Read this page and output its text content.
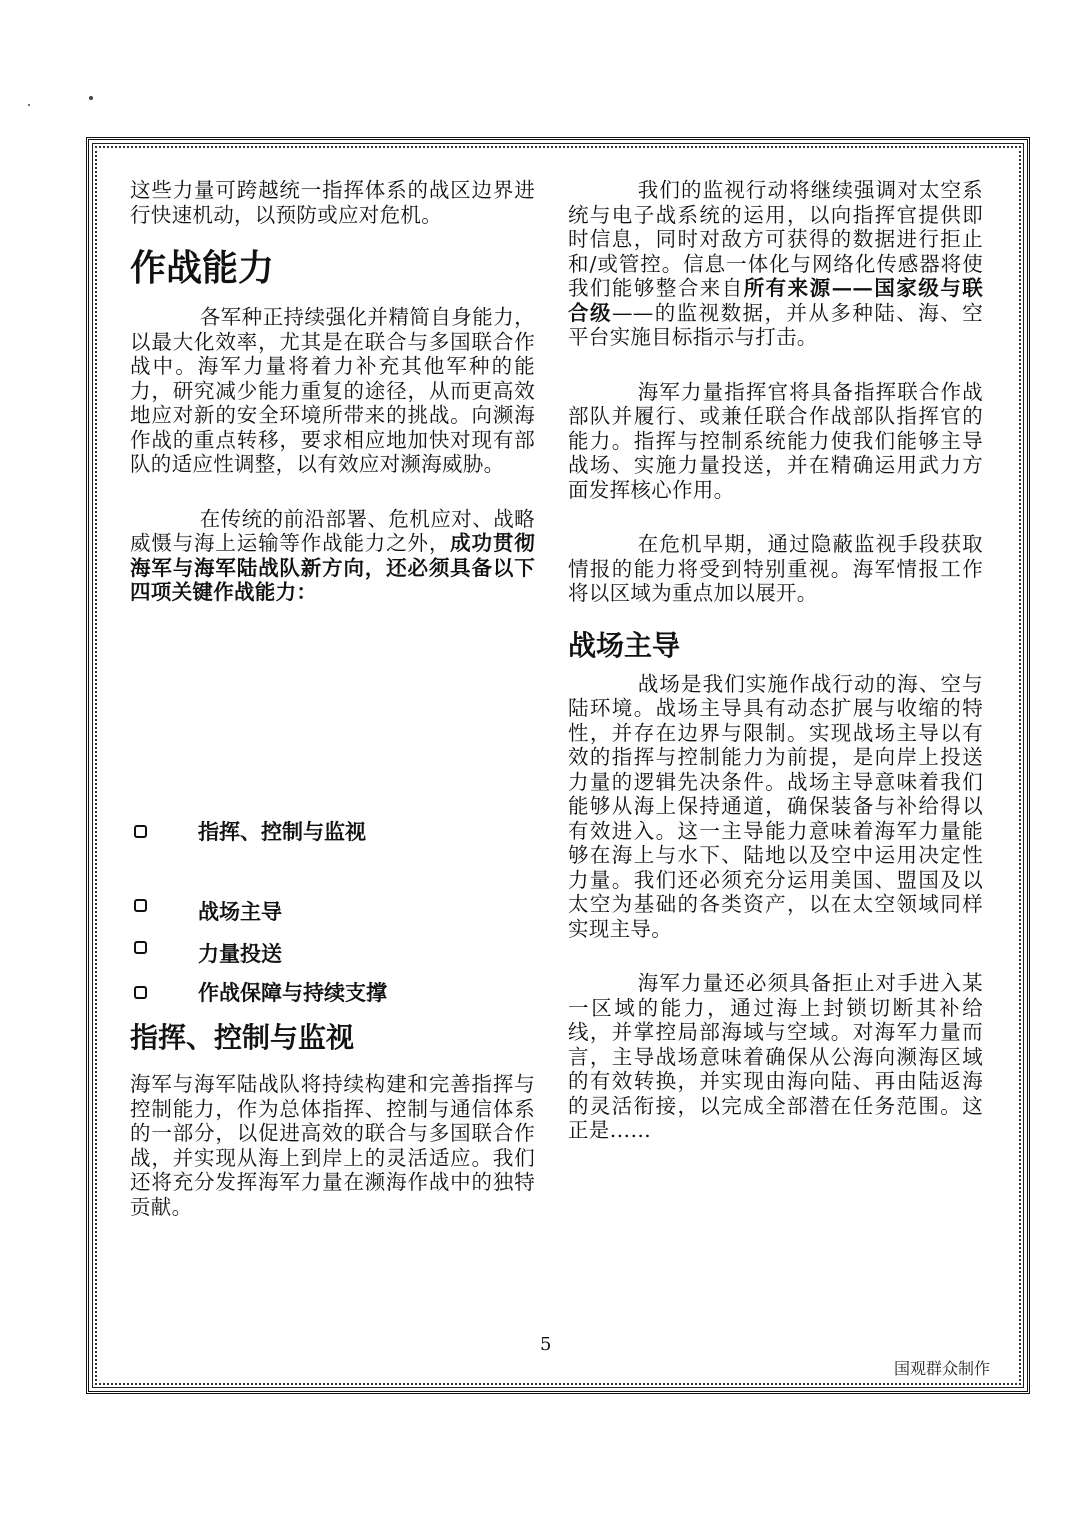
这些力量可跨越统一指挥体系的战区边界进行快速机动，以预防或应对危机。

作战能力

各军种正持续强化并精简自身能力，以最大化效率，尤其是在联合与多国联合作战中。海军力量将着力补充其他军种的能力，研究减少能力重复的途径，从而更高效地应对新的安全环境所带来的挑战。向濒海作战的重点转移，要求相应地加快对现有部队的适应性调整，以有效应对濒海威胁。

在传统的前沿部署、危机应对、战略威慑与海上运输等作战能力之外，成功贯彻海军与海军陆战队新方向，还必须具备以下四项关键作战能力：

指挥、控制与监视
战场主导
力量投送
作战保障与持续支撑
指挥、控制与监视

海军与海军陆战队将持续构建和完善指挥与控制能力，作为总体指挥、控制与通信体系的一部分，以促进高效的联合与多国联合作战，并实现从海上到岸上的灵活适应。我们还将充分发挥海军力量在濒海作战中的独特贡献。

我们的监视行动将继续强调对太空系统与电子战系统的运用，以向指挥官提供即时信息，同时对敌方可获得的数据进行拒止和/或管控。信息一体化与网络化传感器将使我们能够整合来自所有来源——国家级与联合级——的监视数据，并从多种陆、海、空平台实施目标指示与打击。

海军力量指挥官将具备指挥联合作战部队并履行、或兼任联合作战部队指挥官的能力。指挥与控制系统能力使我们能够主导战场、实施力量投送，并在精确运用武力方面发挥核心作用。

在危机早期，通过隐蔽监视手段获取情报的能力将受到特别重视。海军情报工作将以区域为重点加以展开。

战场主导

战场是我们实施作战行动的海、空与陆环境。战场主导具有动态扩展与收缩的特性，并存在边界与限制。实现战场主导以有效的指挥与控制能力为前提，是向岸上投送力量的逻辑先决条件。战场主导意味着我们能够从海上保持通道，确保装备与补给得以有效进入。这一主导能力意味着海军力量能够在海上与水下、陆地以及空中运用决定性力量。我们还必须充分运用美国、盟国及以太空为基础的各类资产，以在太空领域同样实现主导。

海军力量还必须具备拒止对手进入某一区域的能力，通过海上封锁切断其补给线，并掌控局部海域与空域。对海军力量而言，主导战场意味着确保从公海向濒海区域的有效转换，并实现由海向陆、再由陆返海的灵活衔接，以完成全部潜在任务范围。这正是……

5
国观群众制作
